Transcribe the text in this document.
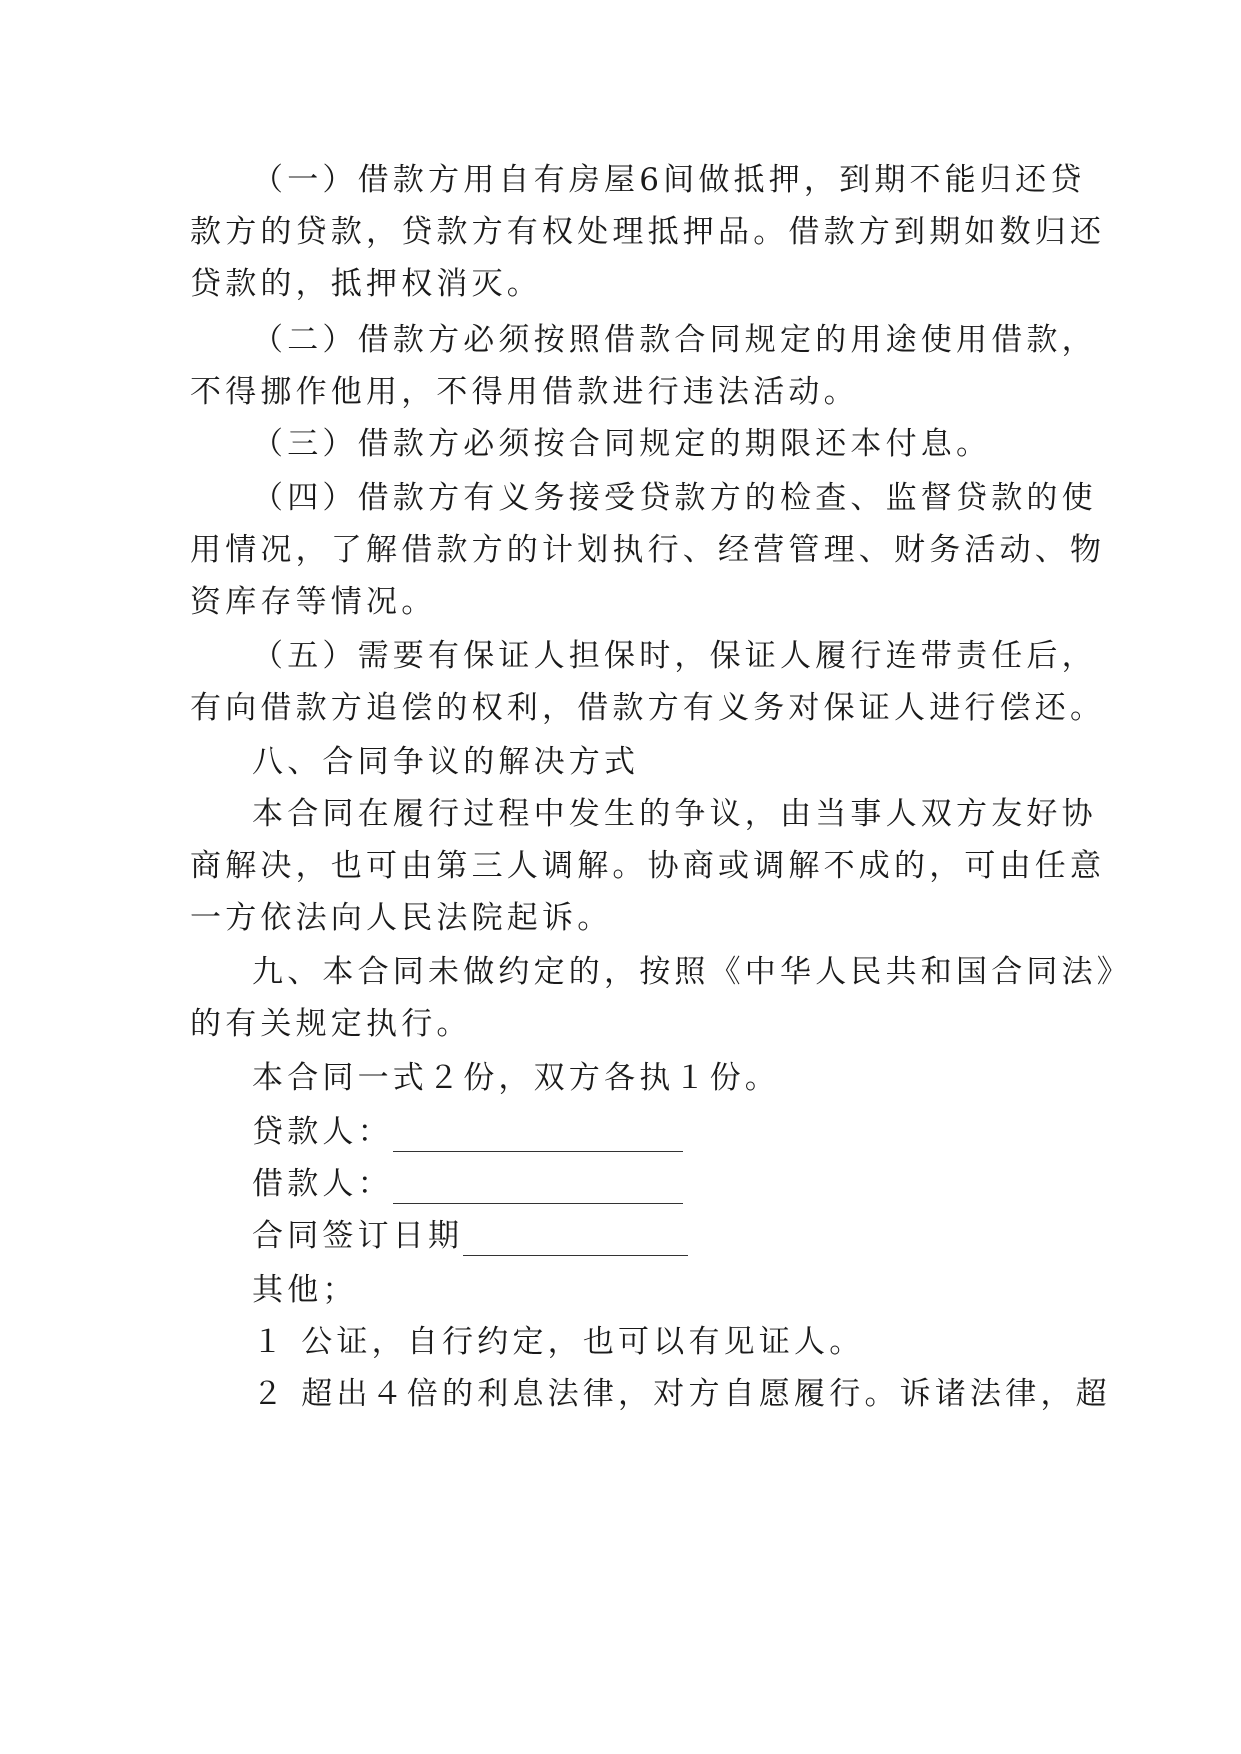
（一）借款方用自有房屋6间做抵押，到期不能归还贷
款方的贷款，贷款方有权处理抵押品。借款方到期如数归还
贷款的，抵押权消灭。
（二）借款方必须按照借款合同规定的用途使用借款，
不得挪作他用，不得用借款进行违法活动。
（三）借款方必须按合同规定的期限还本付息。
（四）借款方有义务接受贷款方的检查、监督贷款的使
用情况，了解借款方的计划执行、经营管理、财务活动、物
资库存等情况。
（五）需要有保证人担保时，保证人履行连带责任后，
有向借款方追偿的权利，借款方有义务对保证人进行偿还。
八、合同争议的解决方式
本合同在履行过程中发生的争议，由当事人双方友好协
商解决，也可由第三人调解。协商或调解不成的，可由任意
一方依法向人民法院起诉。
九、本合同未做约定的，按照《中华人民共和国合同法》
的有关规定执行。
本合同一式２份，双方各执１份。
贷款人：
借款人：
合同签订日期
其他；
１ 公证，自行约定，也可以有见证人。
２ 超出４倍的利息法律，对方自愿履行。诉诸法律，超
